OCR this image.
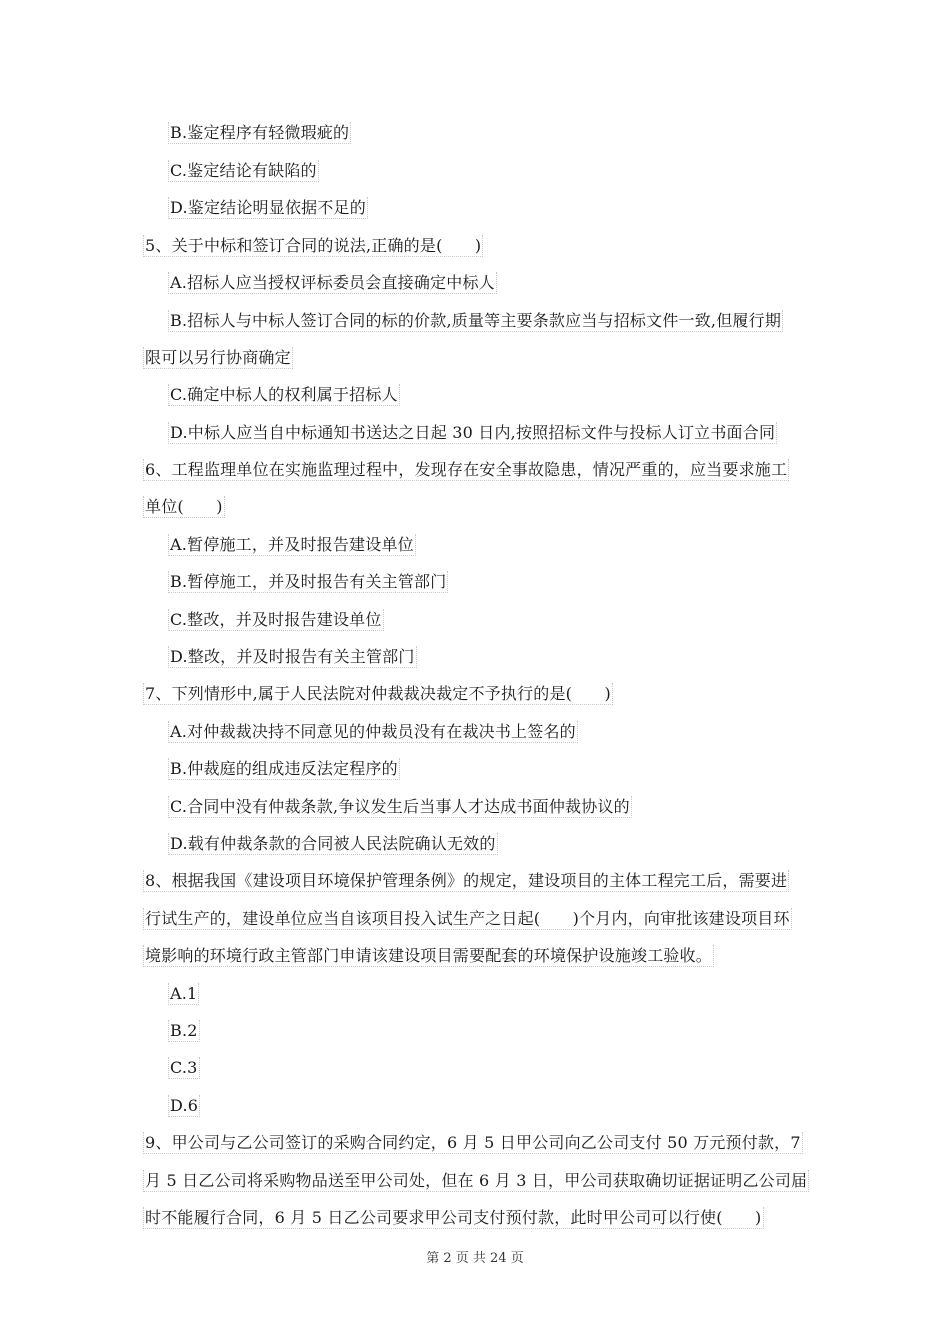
B.鉴定程序有轻微瑕疵的
C.鉴定结论有缺陷的
D.鉴定结论明显依据不足的
5、关于中标和签订合同的说法,正确的是(　　)
A.招标人应当授权评标委员会直接确定中标人
B.招标人与中标人签订合同的标的价款,质量等主要条款应当与招标文件一致,但履行期
限可以另行协商确定
C.确定中标人的权利属于招标人
D.中标人应当自中标通知书送达之日起 30 日内,按照招标文件与投标人订立书面合同
6、工程监理单位在实施监理过程中，发现存在安全事故隐患，情况严重的，应当要求施工
单位(　　)
A.暂停施工，并及时报告建设单位
B.暂停施工，并及时报告有关主管部门
C.整改，并及时报告建设单位
D.整改，并及时报告有关主管部门
7、下列情形中,属于人民法院对仲裁裁决裁定不予执行的是(　　)
A.对仲裁裁决持不同意见的仲裁员没有在裁决书上签名的
B.仲裁庭的组成违反法定程序的
C.合同中没有仲裁条款,争议发生后当事人才达成书面仲裁协议的
D.载有仲裁条款的合同被人民法院确认无效的
8、根据我国《建设项目环境保护管理条例》的规定，建设项目的主体工程完工后，需要进
行试生产的，建设单位应当自该项目投入试生产之日起(　　)个月内，向审批该建设项目环
境影响的环境行政主管部门申请该建设项目需要配套的环境保护设施竣工验收。
A.1
B.2
C.3
D.6
9、甲公司与乙公司签订的采购合同约定，6 月 5 日甲公司向乙公司支付 50 万元预付款，7
月 5 日乙公司将采购物品送至甲公司处，但在 6 月 3 日，甲公司获取确切证据证明乙公司届
时不能履行合同，6 月 5 日乙公司要求甲公司支付预付款，此时甲公司可以行使(　　)
第 2 页 共 24 页
